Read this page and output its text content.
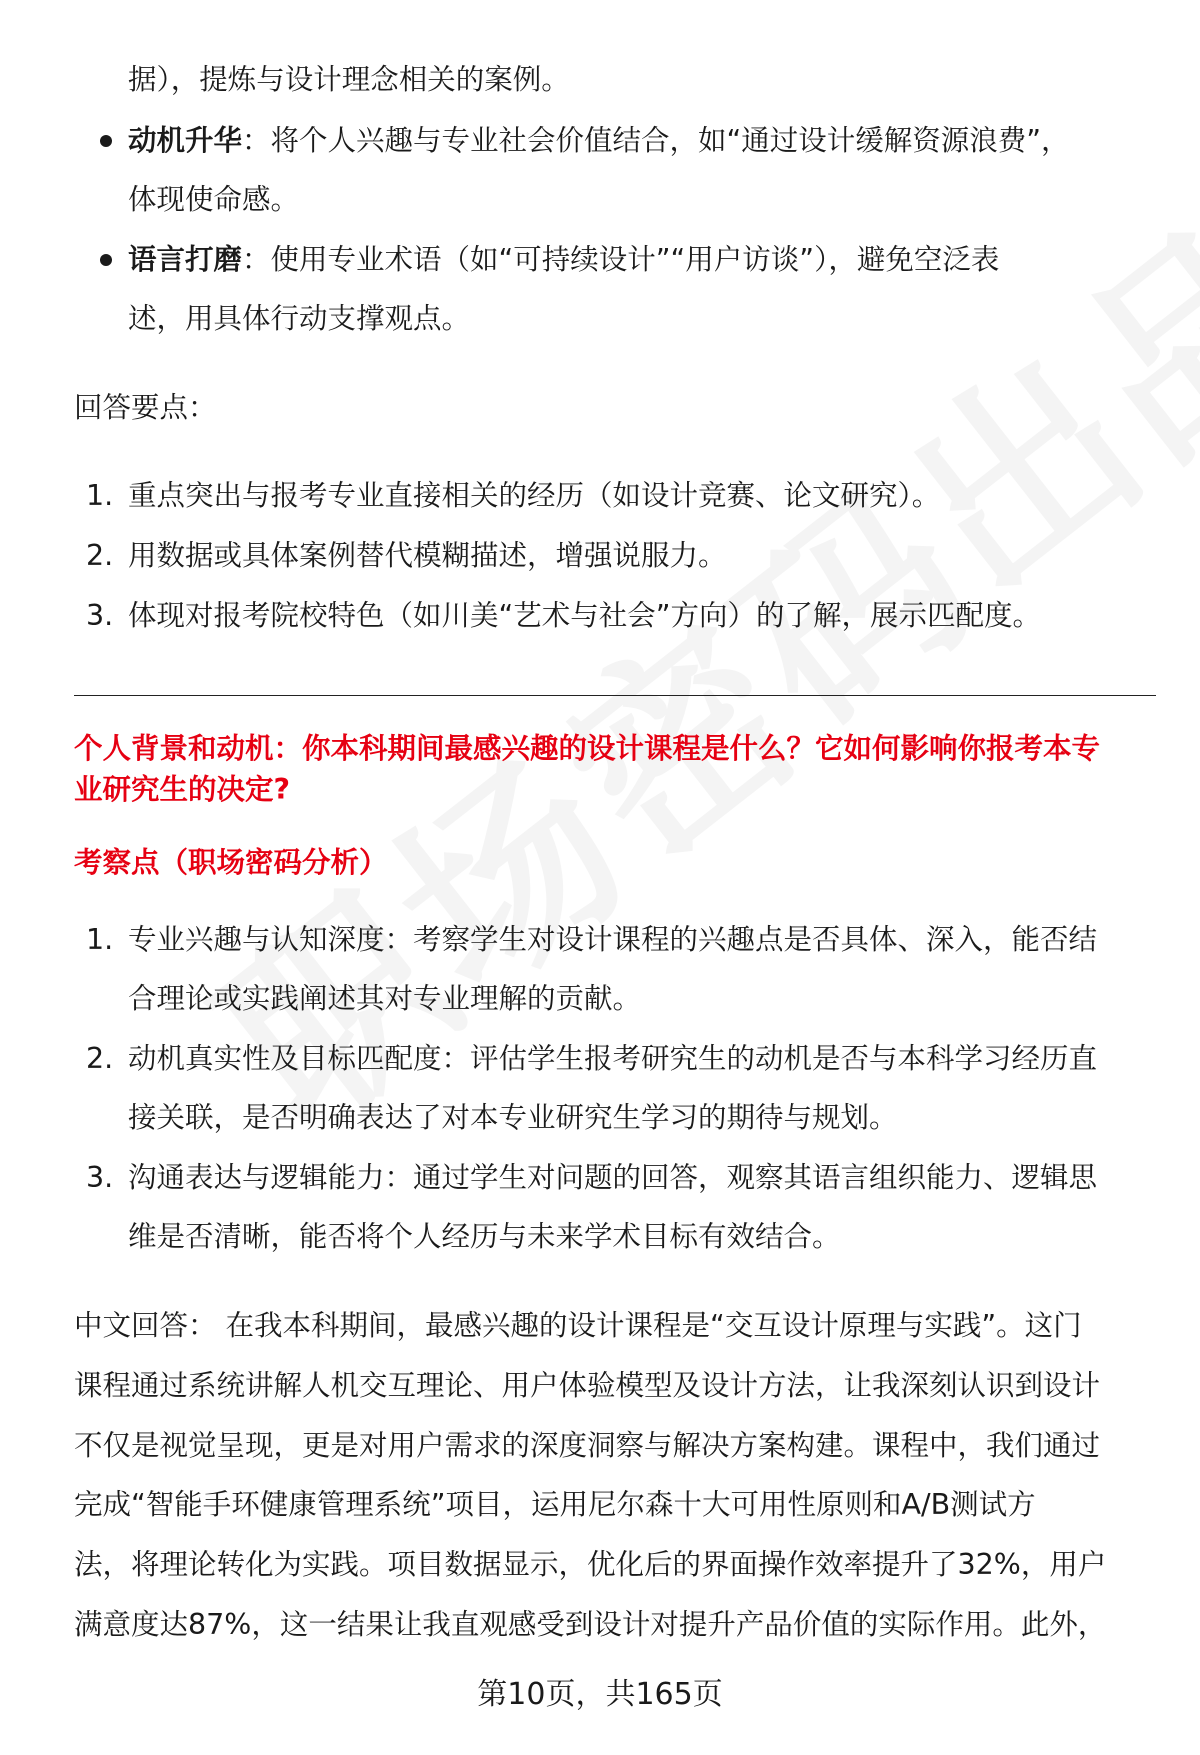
据），提炼与设计理念相关的案例。
动机升华：将个人兴趣与专业社会价值结合，如“通过设计缓解资源浪费”，
体现使命感。
语言打磨：使用专业术语（如“可持续设计”“用户访谈”），避免空泛表
述，用具体行动支撑观点。
回答要点：
1. 重点突出与报考专业直接相关的经历（如设计竞赛、论文研究）。
2. 用数据或具体案例替代模糊描述，增强说服力。
3. 体现对报考院校特色（如川美“艺术与社会”方向）的了解，展示匹配度。
个人背景和动机：你本科期间最感兴趣的设计课程是什么？它如何影响你报考本专
业研究生的决定?
考察点（职场密码分析）
1. 专业兴趣与认知深度：考察学生对设计课程的兴趣点是否具体、深入，能否结
合理论或实践阐述其对专业理解的贡献。
2. 动机真实性及目标匹配度：评估学生报考研究生的动机是否与本科学习经历直
接关联，是否明确表达了对本专业研究生学习的期待与规划。
3. 沟通表达与逻辑能力：通过学生对问题的回答，观察其语言组织能力、逻辑思
维是否清晰，能否将个人经历与未来学术目标有效结合。
中文回答： 在我本科期间，最感兴趣的设计课程是“交互设计原理与实践”。这门
课程通过系统讲解人机交互理论、用户体验模型及设计方法，让我深刻认识到设计
不仅是视觉呈现，更是对用户需求的深度洞察与解决方案构建。课程中，我们通过
完成“智能手环健康管理系统”项目，运用尼尔森十大可用性原则和A/B测试方
法，将理论转化为实践。项目数据显示，优化后的界面操作效率提升了32%，用户
满意度达87%，这一结果让我直观感受到设计对提升产品价值的实际作用。此外，
第10页，共165页
